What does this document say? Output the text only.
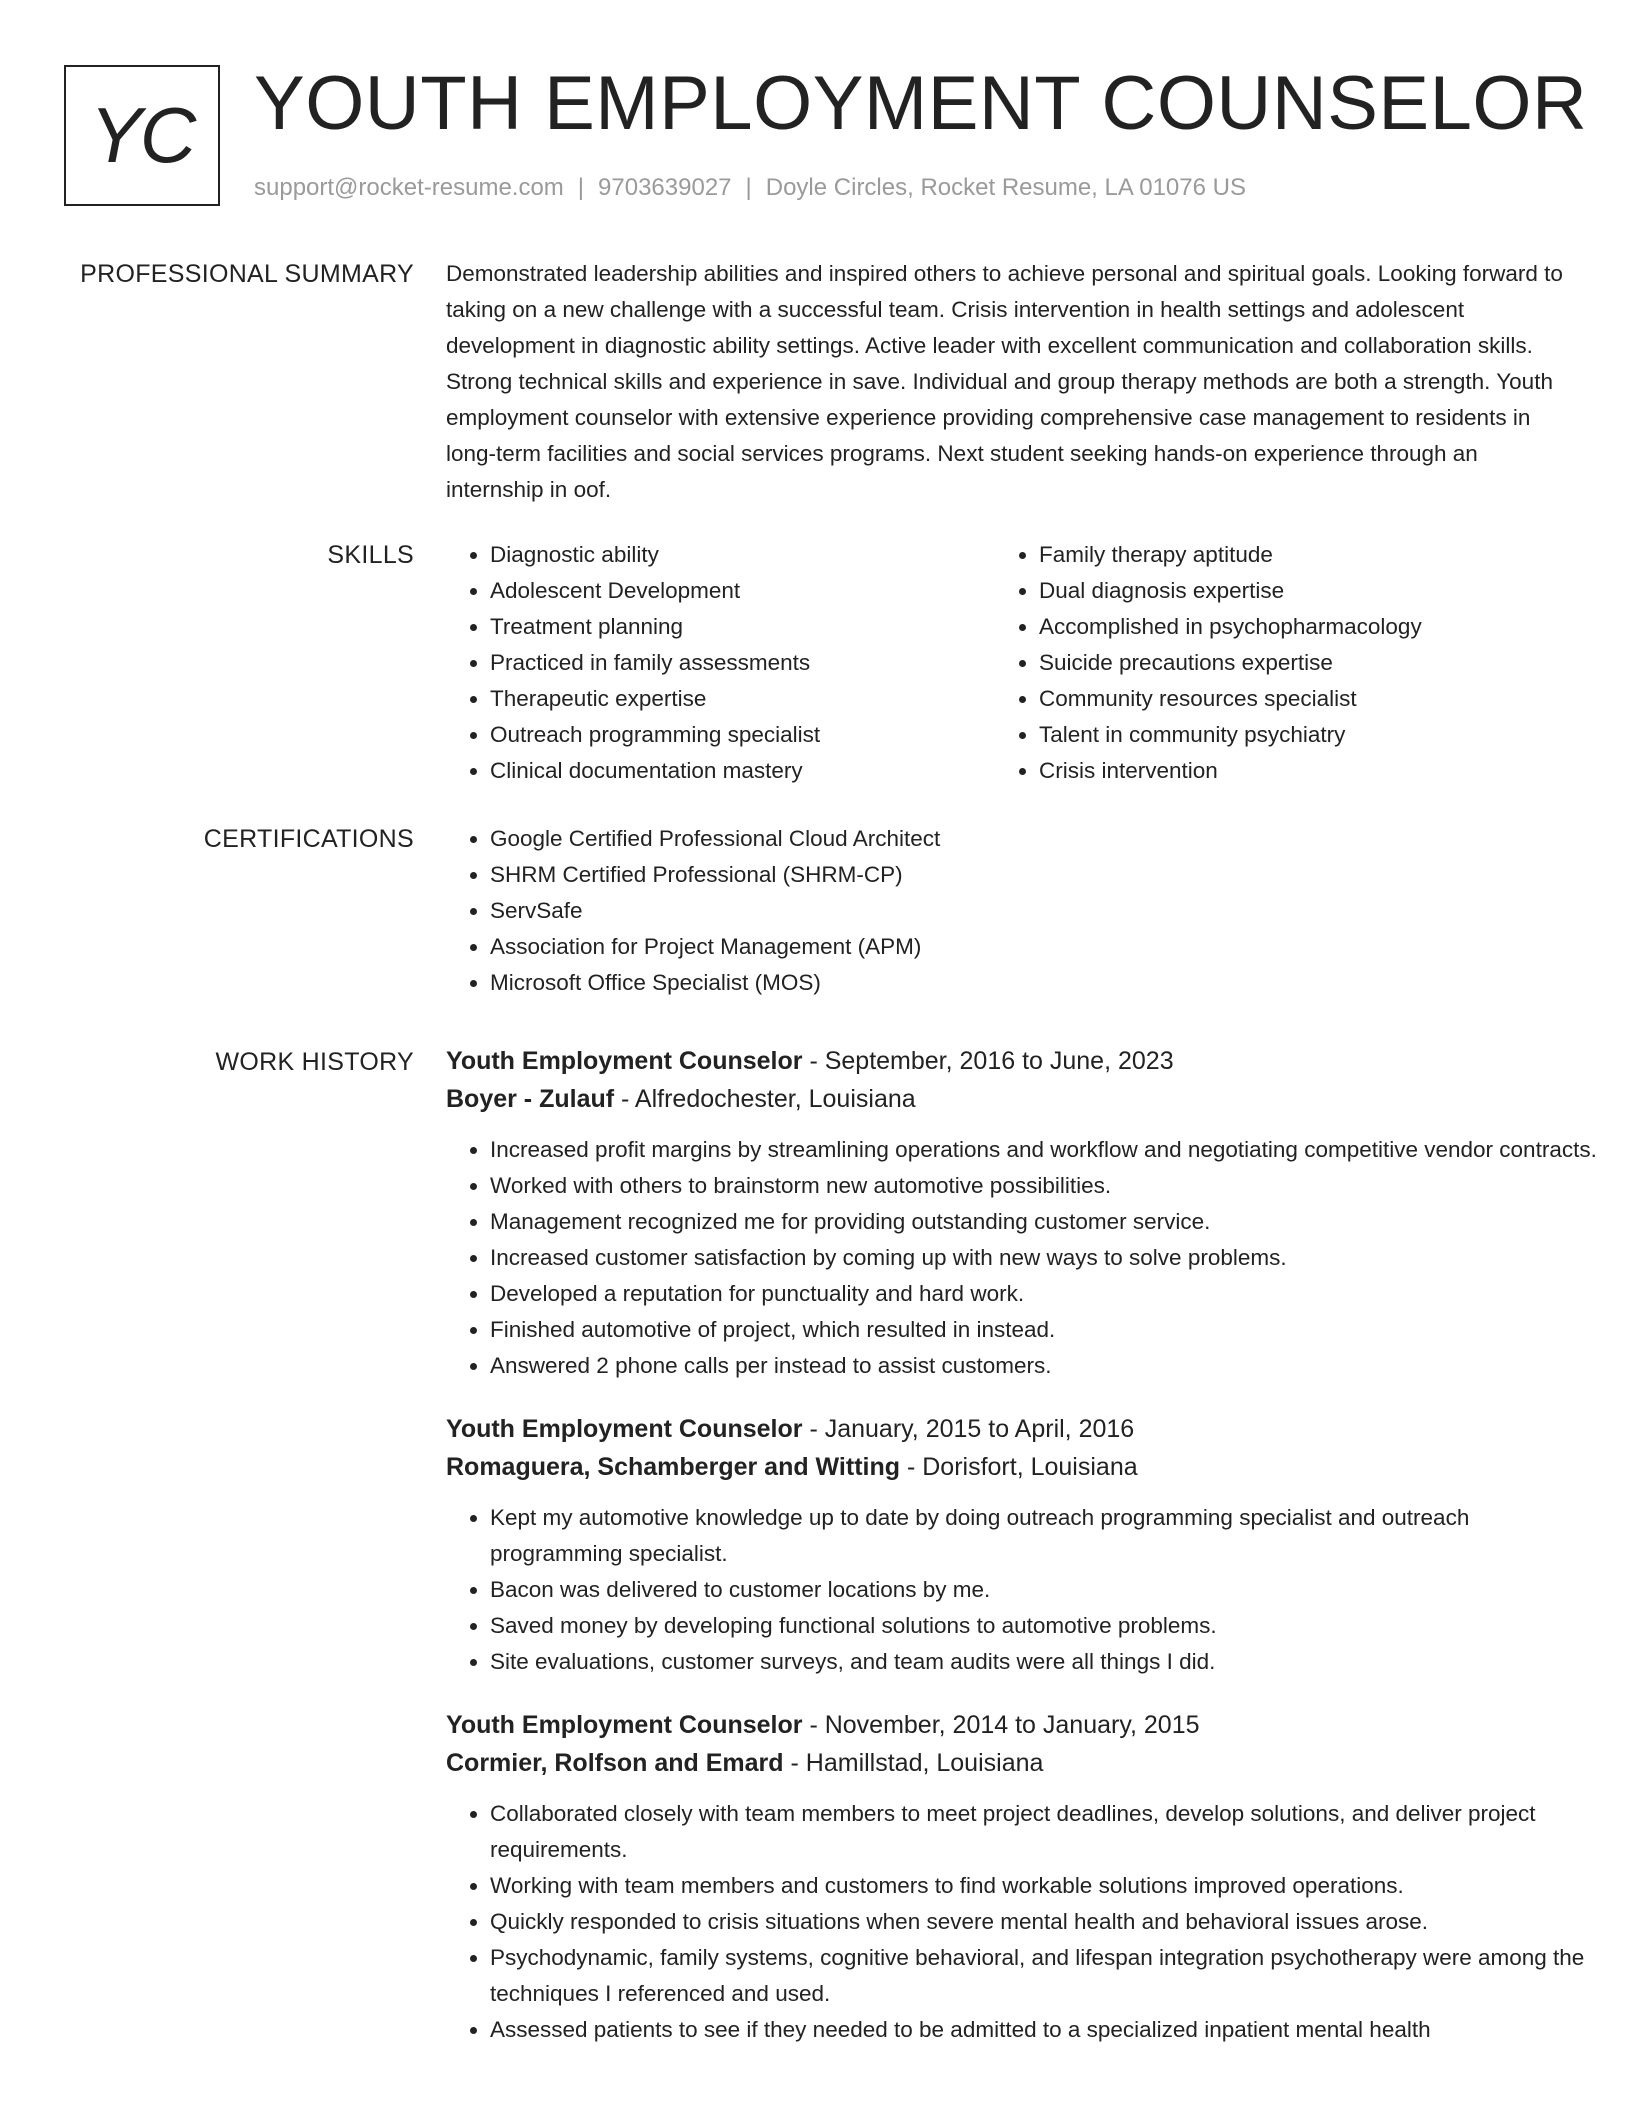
YC YOUTH EMPLOYMENT COUNSELOR
support@rocket-resume.com | 9703639027 | Doyle Circles, Rocket Resume, LA 01076 US
PROFESSIONAL SUMMARY Demonstrated leadership abilities and inspired others to achieve personal and spiritual goals. Looking forward to taking on a new challenge with a successful team. Crisis intervention in health settings and adolescent development in diagnostic ability settings. Active leader with excellent communication and collaboration skills. Strong technical skills and experience in save. Individual and group therapy methods are both a strength. Youth employment counselor with extensive experience providing comprehensive case management to residents in long-term facilities and social services programs. Next student seeking hands-on experience through an internship in oof.

SKILLS	• Diagnostic ability
• Adolescent Development
• Treatment planning
• Practiced in family assessments
• Therapeutic expertise
• Outreach programming specialist
• Clinical documentation mastery
• Family therapy aptitude
• Dual diagnosis expertise
• Accomplished in psychopharmacology
• Suicide precautions expertise
• Community resources specialist
• Talent in community psychiatry
• Crisis intervention
CERTIFICATIONS	• Google Certified Professional Cloud Architect
• SHRM Certified Professional (SHRM-CP)
• ServSafe
• Association for Project Management (APM)
• Microsoft Office Specialist (MOS)
WORK HISTORY Youth Employment Counselor - September, 2016 to June, 2023
Boyer - Zulauf - Alfredochester, Louisiana
• Increased profit margins by streamlining operations and workflow and negotiating competitive vendor contracts.
• Worked with others to brainstorm new automotive possibilities.
• Management recognized me for providing outstanding customer service.
• Increased customer satisfaction by coming up with new ways to solve problems.
• Developed a reputation for punctuality and hard work.
• Finished automotive of project, which resulted in instead.
• Answered 2 phone calls per instead to assist customers.
Youth Employment Counselor - January, 2015 to April, 2016
Romaguera, Schamberger and Witting - Dorisfort, Louisiana
• Kept my automotive knowledge up to date by doing outreach programming specialist and outreach programming specialist.
• Bacon was delivered to customer locations by me.
• Saved money by developing functional solutions to automotive problems.
• Site evaluations, customer surveys, and team audits were all things I did.
Youth Employment Counselor - November, 2014 to January, 2015
Cormier, Rolfson and Emard - Hamillstad, Louisiana
• Collaborated closely with team members to meet project deadlines, develop solutions, and deliver project requirements.
• Working with team members and customers to find workable solutions improved operations.
• Quickly responded to crisis situations when severe mental health and behavioral issues arose.
• Psychodynamic, family systems, cognitive behavioral, and lifespan integration psychotherapy were among the techniques I referenced and used.
• Assessed patients to see if they needed to be admitted to a specialized inpatient mental health
